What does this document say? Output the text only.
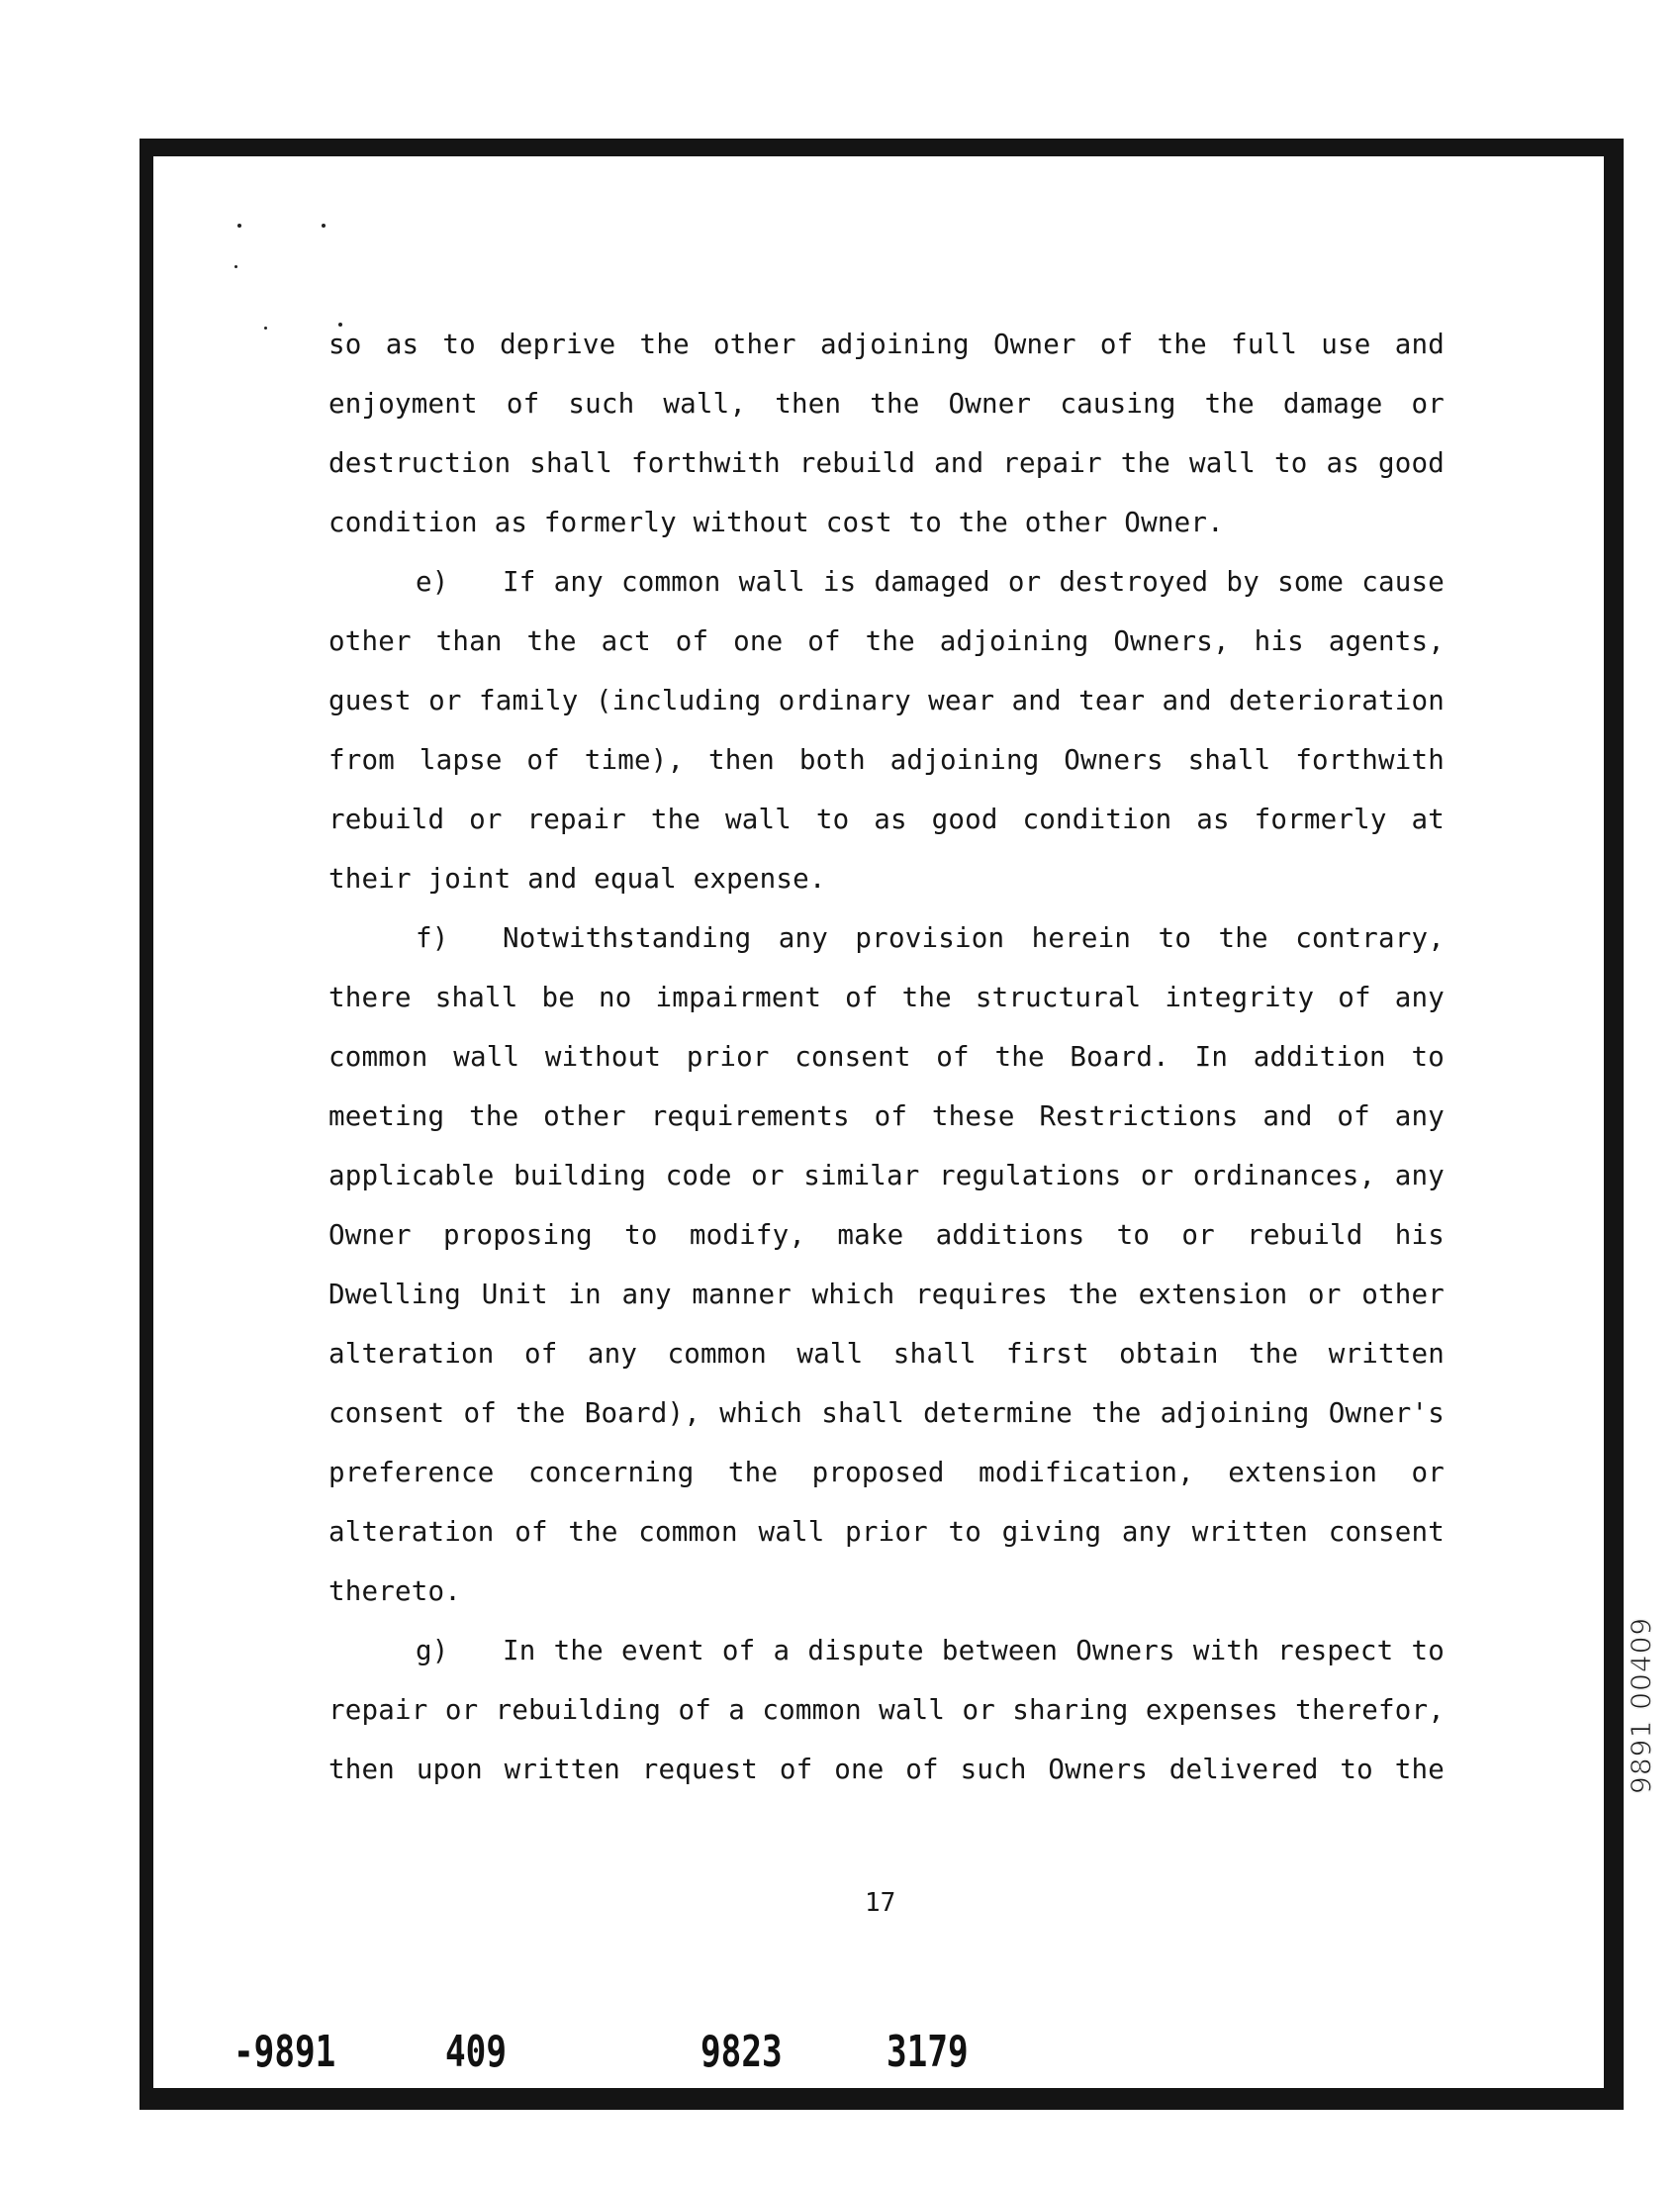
so as to deprive the other adjoining Owner of the full use and
enjoyment of such wall, then the Owner causing the damage or
destruction shall forthwith rebuild and repair the wall to as good
condition as formerly without cost to the other Owner.
e) If any common wall is damaged or destroyed by some cause
other than the act of one of the adjoining Owners, his agents,
guest or family (including ordinary wear and tear and deterioration
from lapse of time), then both adjoining Owners shall forthwith
rebuild or repair the wall to as good condition as formerly at
their joint and equal expense.
f) Notwithstanding any provision herein to the contrary,
there shall be no impairment of the structural integrity of any
common wall without prior consent of the Board. In addition to
meeting the other requirements of these Restrictions and of any
applicable building code or similar regulations or ordinances, any
Owner proposing to modify, make additions to or rebuild his
Dwelling Unit in any manner which requires the extension or other
alteration of any common wall shall first obtain the written
consent of the Board), which shall determine the adjoining Owner's
preference concerning the proposed modification, extension or
alteration of the common wall prior to giving any written consent
thereto.
g) In the event of a dispute between Owners with respect to
repair or rebuilding of a common wall or sharing expenses therefor,
then upon written request of one of such Owners delivered to the
17
9891 00409
-9891	409	9823 3179
